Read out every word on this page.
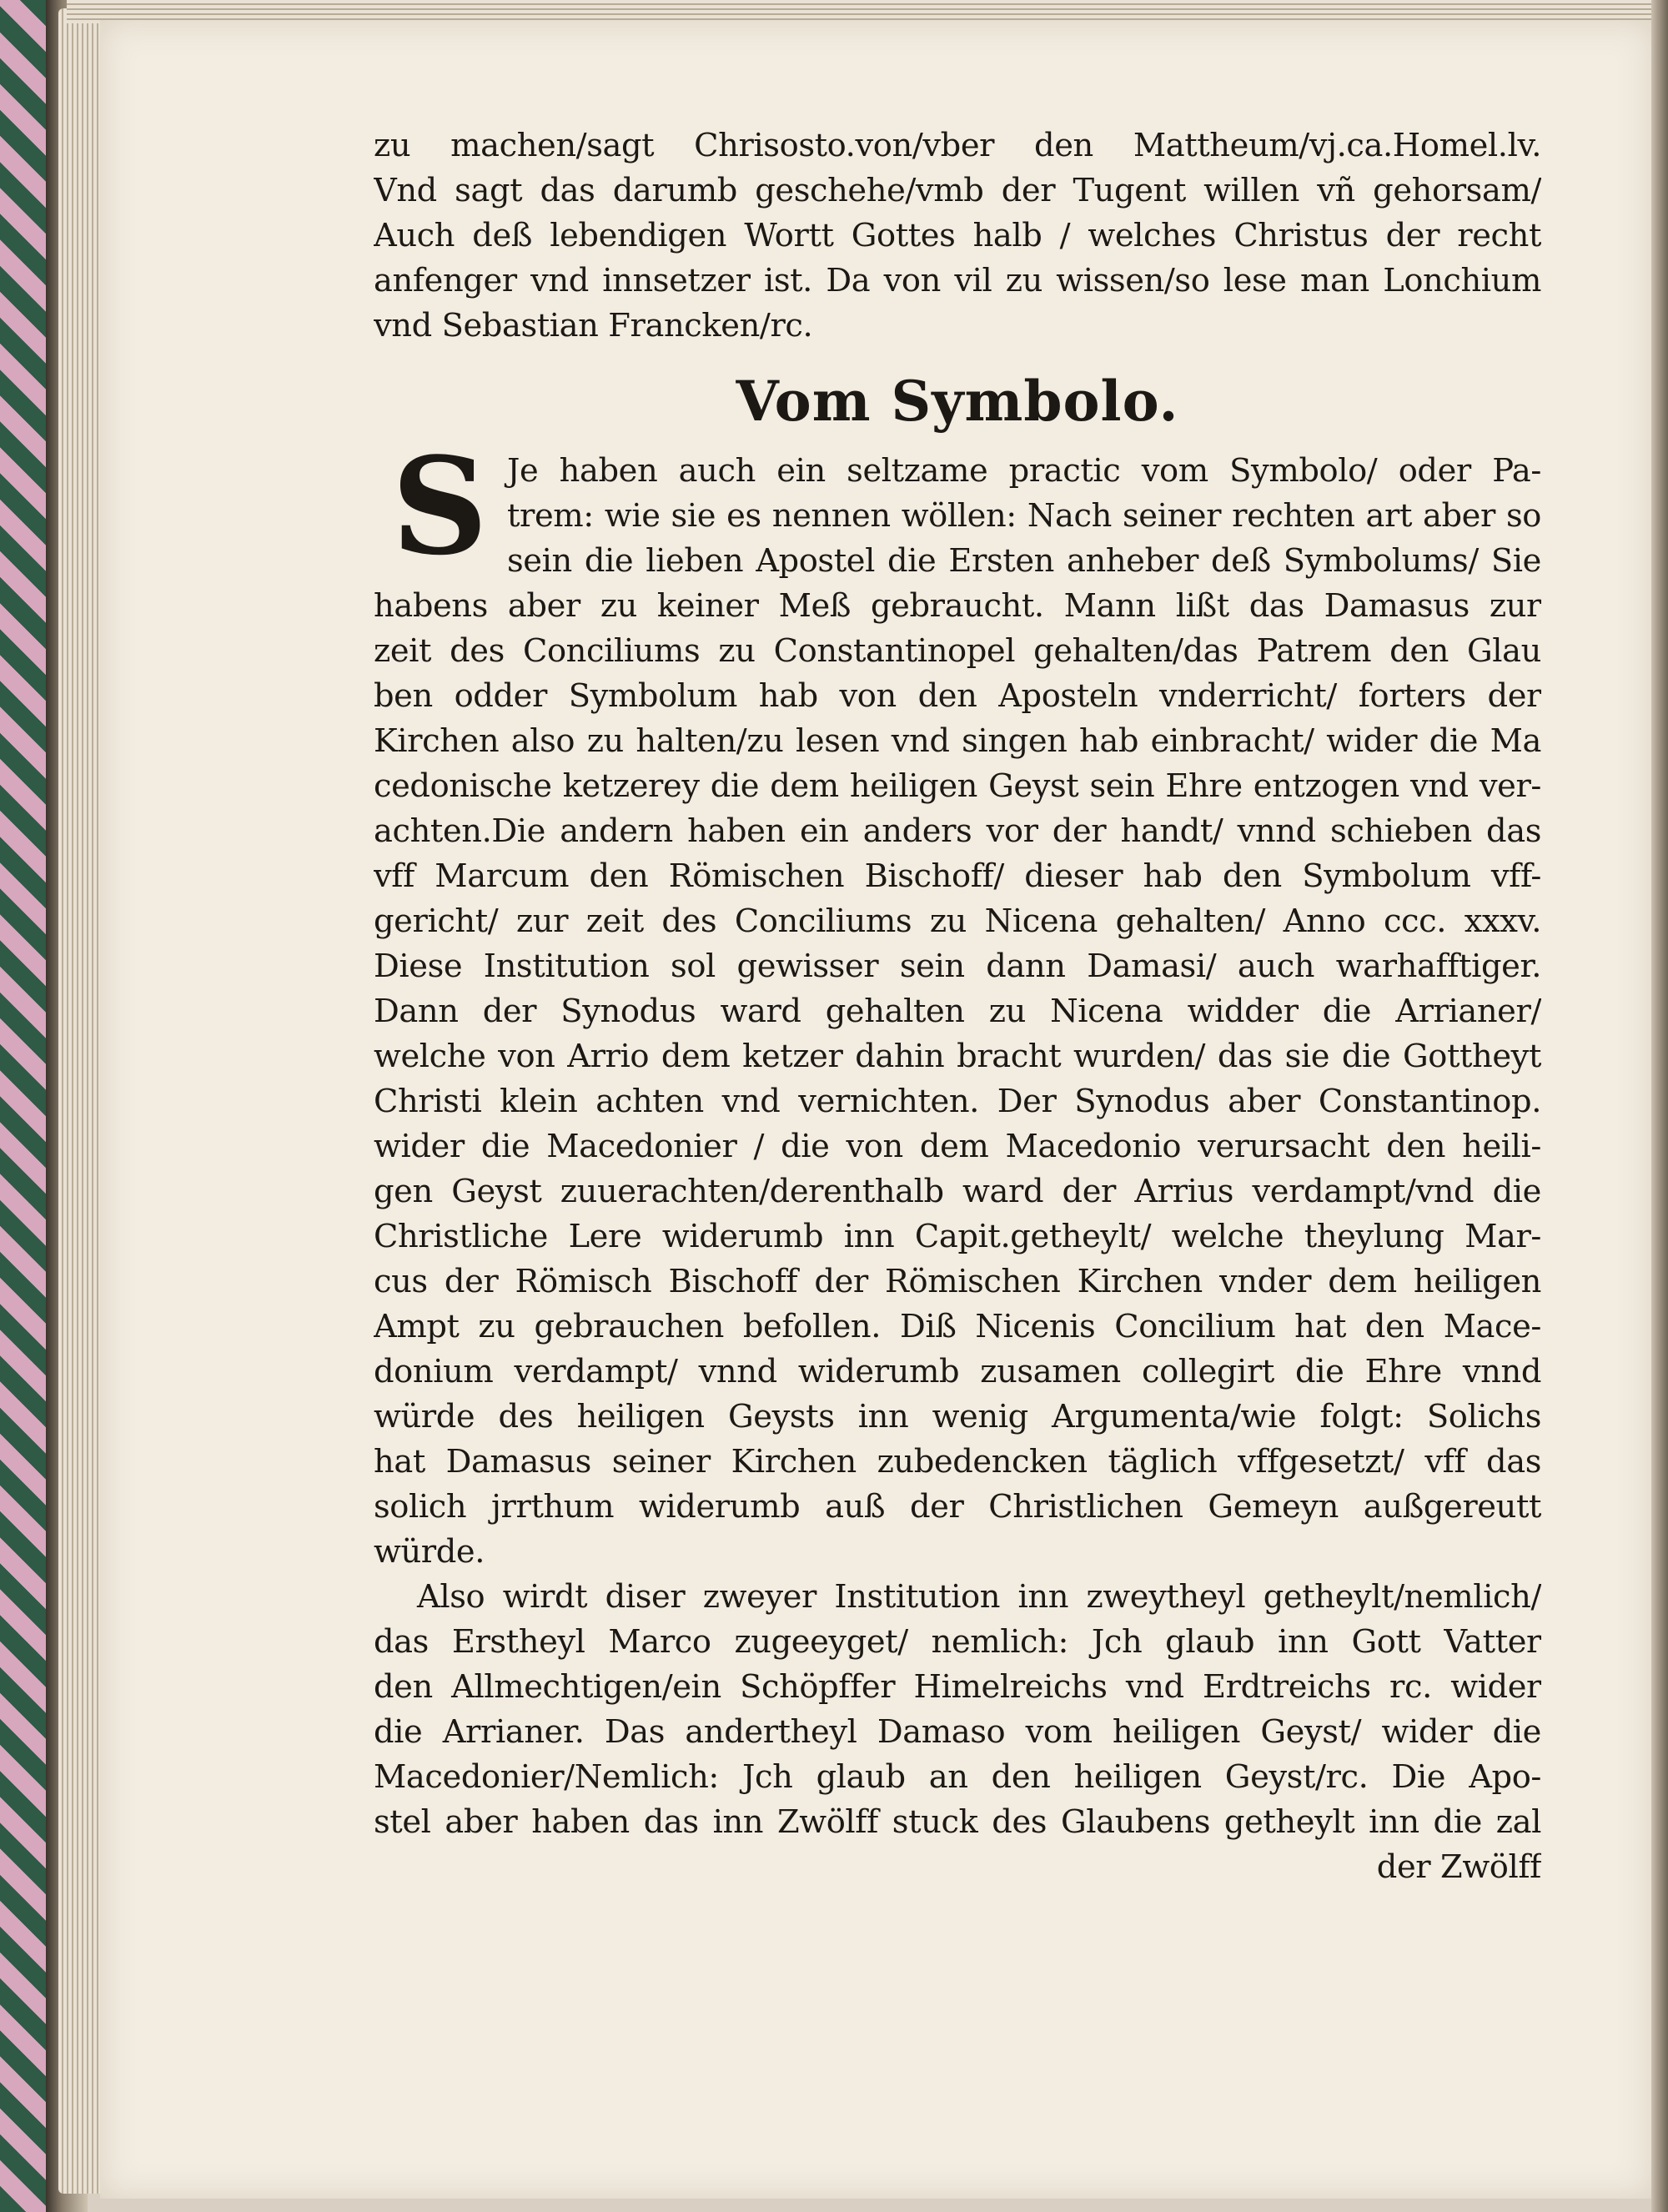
zu machen/sagt Chrisosto.von/vber den Mattheum/vj.ca.Homel.lv.
Vnd sagt das darumb geschehe/vmb der Tugent willen vñ gehorsam/
Auch deß lebendigen Wortt Gottes halb / welches Christus der recht
anfenger vnd innsetzer ist. Da von vil zu wissen/so lese man Lonchium
vnd Sebastian Francken/rc.
Vom Symbolo.
S Je haben auch ein seltzame practic vom Symbolo/ oder Pa-
trem: wie sie es nennen wöllen: Nach seiner rechten art aber so
sein die lieben Apostel die Ersten anheber deß Symbolums/ Sie
habens aber zu keiner Meß gebraucht. Mann lißt das Damasus zur
zeit des Conciliums zu Constantinopel gehalten/das Patrem den Glau
ben odder Symbolum hab von den Aposteln vnderricht/ forters der
Kirchen also zu halten/zu lesen vnd singen hab einbracht/ wider die Ma
cedonische ketzerey die dem heiligen Geyst sein Ehre entzogen vnd ver-
achten.Die andern haben ein anders vor der handt/ vnnd schieben das
vff Marcum den Römischen Bischoff/ dieser hab den Symbolum vff-
gericht/ zur zeit des Conciliums zu Nicena gehalten/ Anno ccc. xxxv.
Diese Institution sol gewisser sein dann Damasi/ auch warhafftiger.
Dann der Synodus ward gehalten zu Nicena widder die Arrianer/
welche von Arrio dem ketzer dahin bracht wurden/ das sie die Gottheyt
Christi klein achten vnd vernichten. Der Synodus aber Constantinop.
wider die Macedonier / die von dem Macedonio verursacht den heili-
gen Geyst zuuerachten/derenthalb ward der Arrius verdampt/vnd die
Christliche Lere widerumb inn Capit.getheylt/ welche theylung Mar-
cus der Römisch Bischoff der Römischen Kirchen vnder dem heiligen
Ampt zu gebrauchen befollen. Diß Nicenis Concilium hat den Mace-
donium verdampt/ vnnd widerumb zusamen collegirt die Ehre vnnd
würde des heiligen Geysts inn wenig Argumenta/wie folgt: Solichs
hat Damasus seiner Kirchen zubedencken täglich vffgesetzt/ vff das
solich jrrthum widerumb auß der Christlichen Gemeyn außgereutt
würde.
Also wirdt diser zweyer Institution inn zweytheyl getheylt/nemlich/
das Erstheyl Marco zugeeyget/ nemlich: Jch glaub inn Gott Vatter
den Allmechtigen/ein Schöpffer Himelreichs vnd Erdtreichs rc. wider
die Arrianer. Das andertheyl Damaso vom heiligen Geyst/ wider die
Macedonier/Nemlich: Jch glaub an den heiligen Geyst/rc. Die Apo-
stel aber haben das inn Zwölff stuck des Glaubens getheylt inn die zal
der Zwölff
